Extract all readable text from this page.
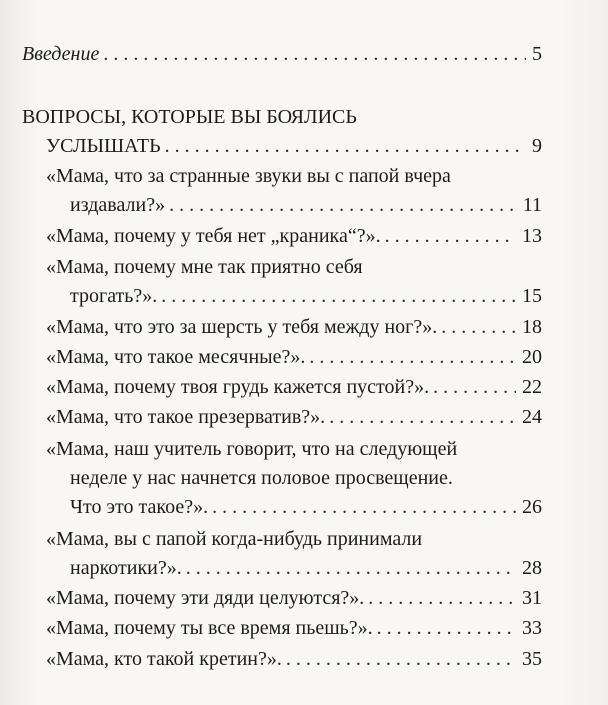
Введение . . .	5
ВОПРОСЫ, КОТОРЫЕ ВЫ БОЯЛИСЬ
УСЛЫШАТЬ . . .	9
«Мама, что за странные звуки вы с папой вчера
издавали?» . . .	11
«Мама, почему у тебя нет „краника“?». . . .	13
«Мама, почему мне так приятно себя
трогать?». . . .	15
«Мама, что это за шерсть у тебя между ног?». . . .	18
«Мама, что такое месячные?». . . .	20
«Мама, почему твоя грудь кажется пустой?». . . .	22
«Мама, что такое презерватив?». . . .	24
«Мама, наш учитель говорит, что на следующей
неделе у нас начнется половое просвещение.
Что это такое?». . . .	26
«Мама, вы с папой когда-нибудь принимали
наркотики?». . . .	28
«Мама, почему эти дяди целуются?». . . .	31
«Мама, почему ты все время пьешь?». . . .	33
«Мама, кто такой кретин?». . . .	35
